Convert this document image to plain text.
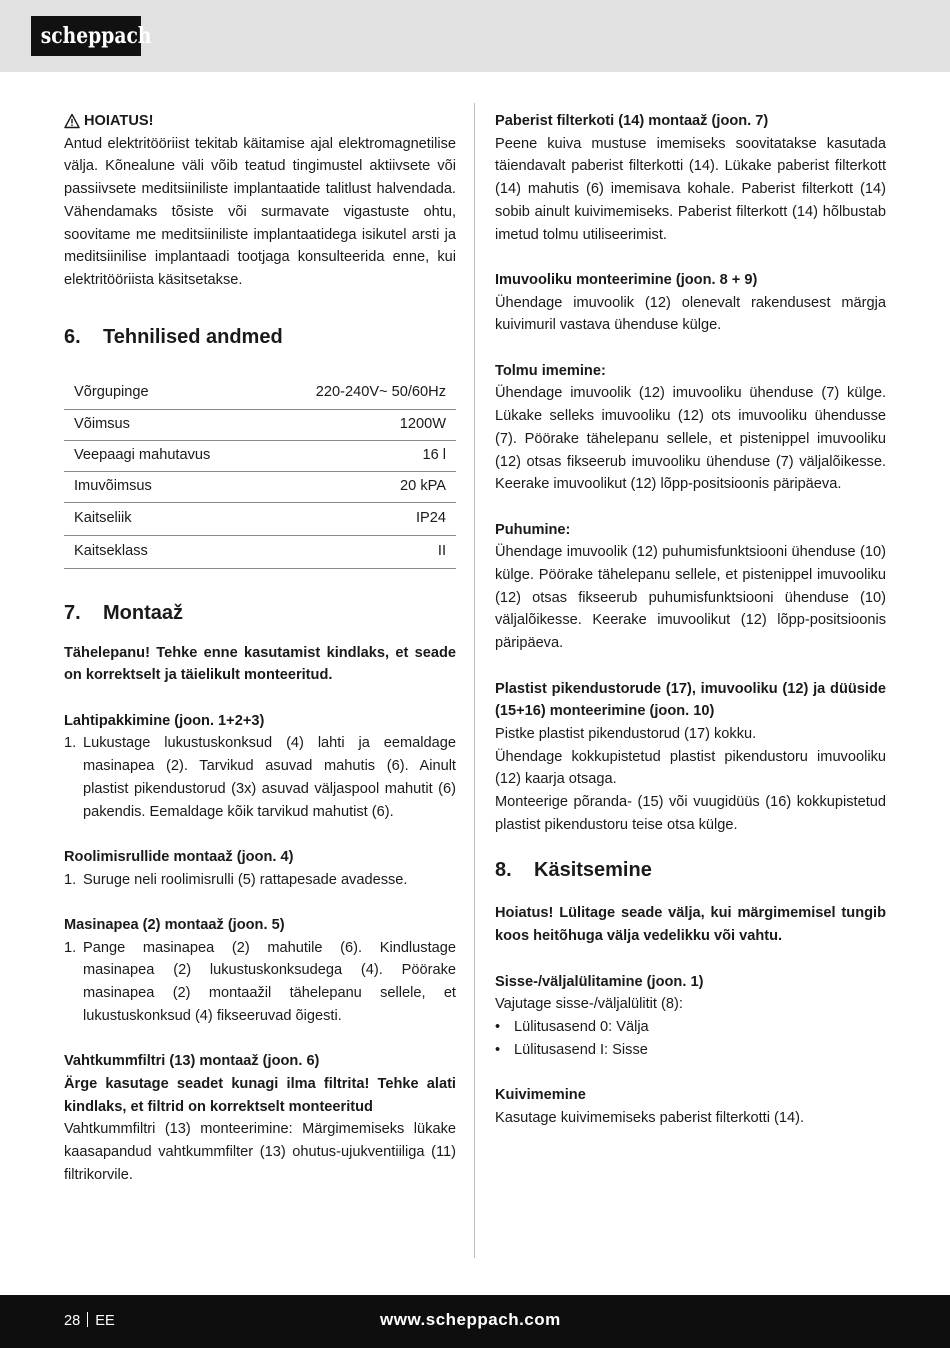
scheppach
HOIATUS!

Antud elektritööriist tekitab käitamise ajal elektromagnetilise välja. Kõnealune väli võib teatud tingimustel aktiivsete või passiivsete meditsiiniliste implantaatide talitlust halvendada. Vähendamaks tõsiste või surmavate vigastuste ohtu, soovitame me meditsiiniliste implantaatidega isikutel arsti ja meditsiinilise implantaadi tootjaga konsulteerida enne, kui elektritööriista käsitsetakse.

6.	Tehnilised andmed
Võrgupinge	220-240V~ 50/60Hz
Võimsus	1200W
Veepaagi mahutavus	16 l
Imuvõimsus	20 kPA
Kaitseliik	IP24
Kaitseklass	II
7.	Montaaž

Tähelepanu! Tehke enne kasutamist kindlaks, et seade on korrektselt ja täielikult monteeritud.

Lahtipakkimine (joon. 1+2+3)

1. Lukustage lukustuskonksud (4) lahti ja eemaldage masinapea (2). Tarvikud asuvad mahutis (6). Ainult plastist pikendustorud (3x) asuvad väljaspool mahutit (6) pakendis. Eemaldage kõik tarvikud mahutist (6).

Roolimisrullide montaaž (joon. 4)

1. Suruge neli roolimisrulli (5) rattapesade avadesse.

Masinapea (2) montaaž (joon. 5)

1. Pange masinapea (2) mahutile (6). Kindlustage masinapea (2) lukustuskonksudega (4). Pöörake masinapea (2) montaažil tähelepanu sellele, et lukustuskonksud (4) fikseeruvad õigesti.

Vahtkummfiltri (13) montaaž (joon. 6)

Ärge kasutage seadet kunagi ilma filtrita! Tehke alati kindlaks, et filtrid on korrektselt monteeritud

Vahtkummfiltri (13) monteerimine: Märgimemiseks lükake kaasapandud vahtkummfilter (13) ohutus-ujukventiiliga (11) filtrikorvile.

Paberist filterkoti (14) montaaž (joon. 7)

Peene kuiva mustuse imemiseks soovitatakse kasutada täiendavalt paberist filterkotti (14). Lükake paberist filterkott (14) mahutis (6) imemisava kohale. Paberist filterkott (14) sobib ainult kuivimemiseks. Paberist filterkott (14) hõlbustab imetud tolmu utiliseerimist.

Imuvooliku monteerimine (joon. 8 + 9)

Ühendage imuvoolik (12) olenevalt rakendusest märgja kuivimuril vastava ühenduse külge.

Tolmu imemine:

Ühendage imuvoolik (12) imuvooliku ühenduse (7) külge. Lükake selleks imuvooliku (12) ots imuvooliku ühendusse (7). Pöörake tähelepanu sellele, et pistenippel imuvooliku (12) otsas fikseerub imuvooliku ühenduse (7) väljalõikesse. Keerake imuvoolikut (12) lõpp-positsioonis päripäeva.

Puhumine:

Ühendage imuvoolik (12) puhumisfunktsiooni ühenduse (10) külge. Pöörake tähelepanu sellele, et pistenippel imuvooliku (12) otsas fikseerub puhumisfunktsiooni ühenduse (10) väljalõikesse. Keerake imuvoolikut (12) lõpp-positsioonis päripäeva.

Plastist pikendustorude (17), imuvooliku (12) ja düüside (15+16) monteerimine (joon. 10)

Pistke plastist pikendustorud (17) kokku.

Ühendage kokkupistetud plastist pikendustoru imuvooliku (12) kaarja otsaga.

Monteerige põranda- (15) või vuugidüüs (16) kokkupistetud plastist pikendustoru teise otsa külge.

8.	Käsitsemine

Hoiatus! Lülitage seade välja, kui märgimemisel tungib koos heitõhuga välja vedelikku või vahtu.

Sisse-/väljalülitamine (joon. 1)

Vajutage sisse-/väljalülitit (8):

• Lülitusasend 0: Välja
• Lülitusasend I: Sisse

Kuivimemine

Kasutage kuivimemiseks paberist filterkotti (14).

28 EE	www.scheppach.com
